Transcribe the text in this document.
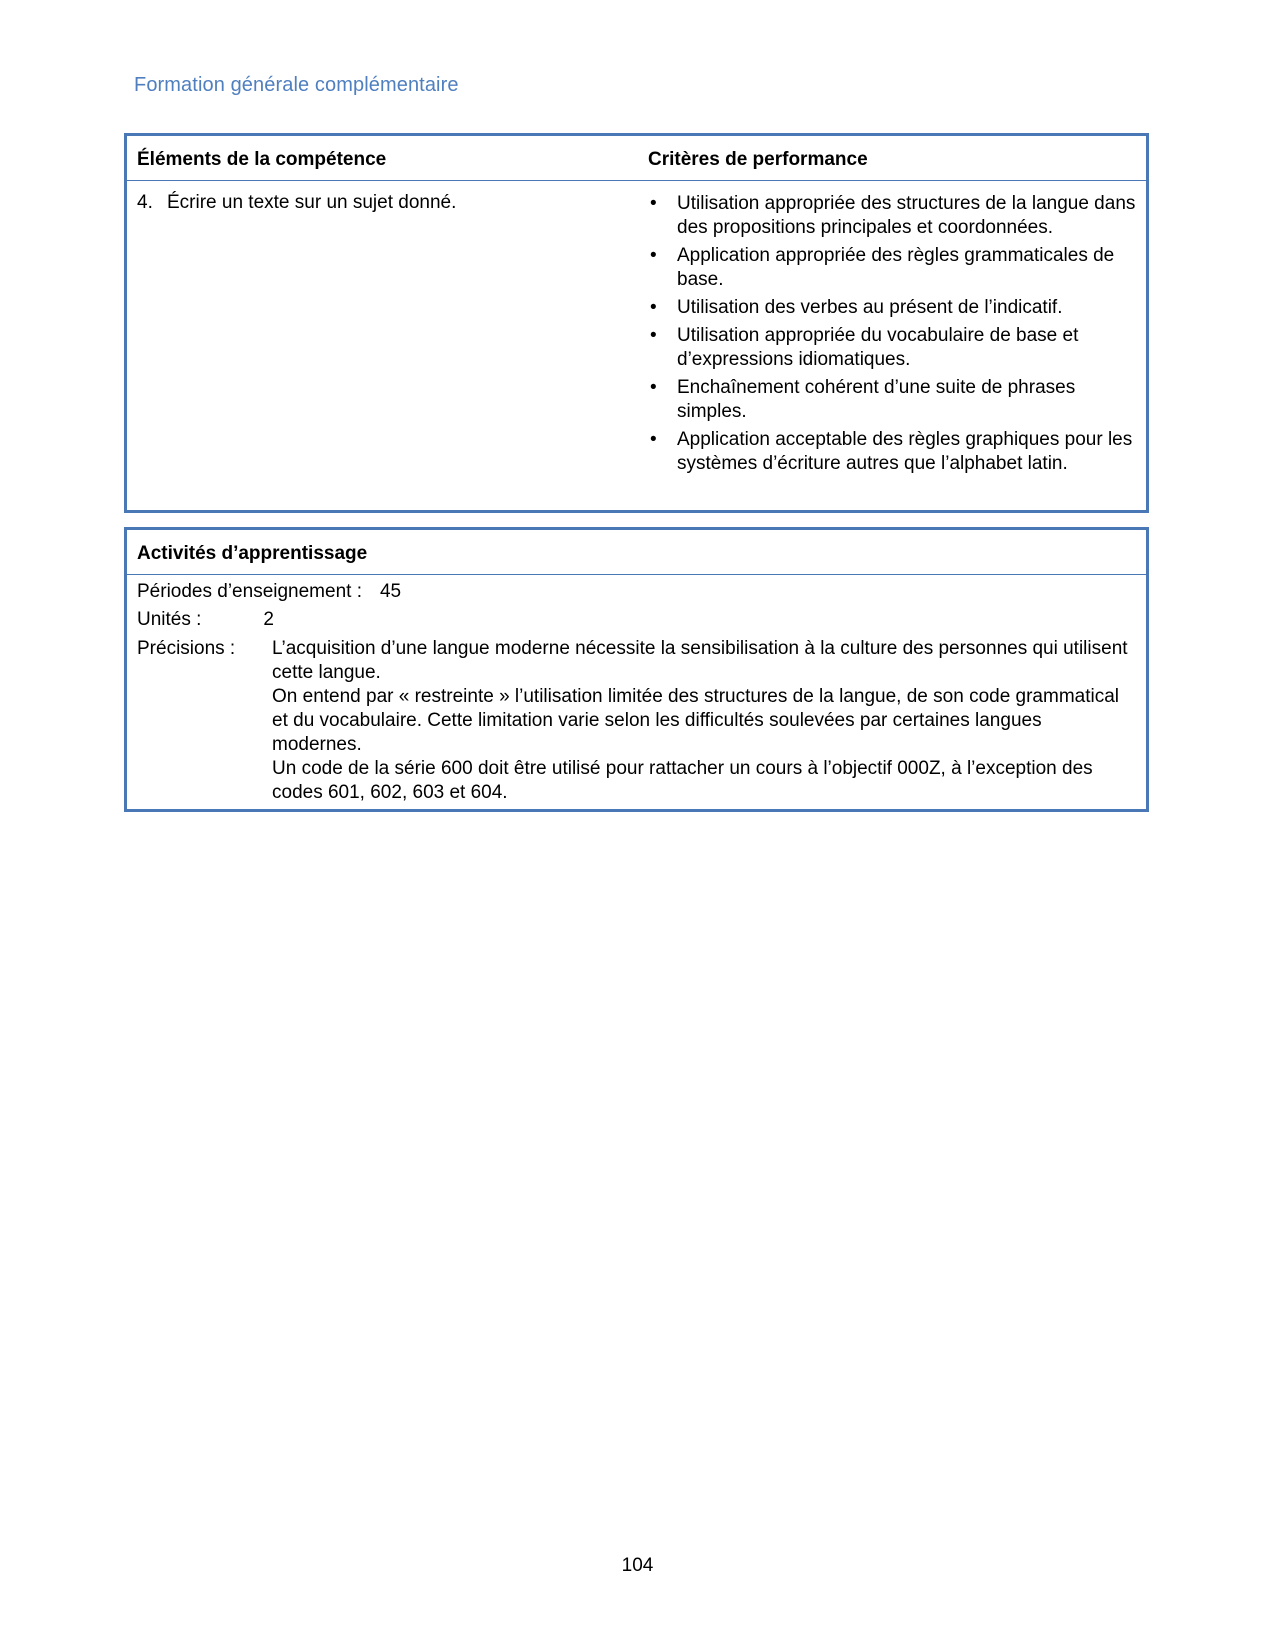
Formation générale complémentaire
Éléments de la compétence	Critères de performance
4. Écrire un texte sur un sujet donné.	• Utilisation appropriée des structures de la langue dans des propositions principales et coordonnées.
• Application appropriée des règles grammaticales de base.
• Utilisation des verbes au présent de l’indicatif.
• Utilisation appropriée du vocabulaire de base et d’expressions idiomatiques.
• Enchaînement cohérent d’une suite de phrases simples.
• Application acceptable des règles graphiques pour les systèmes d’écriture autres que l’alphabet latin.
Activités d’apprentissage
Périodes d’enseignement : 45
Unités :	2
Précisions : L’acquisition d’une langue moderne nécessite la sensibilisation à la culture des personnes qui utilisent cette langue.

On entend par « restreinte » l’utilisation limitée des structures de la langue, de son code grammatical et du vocabulaire. Cette limitation varie selon les difficultés soulevées par certaines langues modernes.

Un code de la série 600 doit être utilisé pour rattacher un cours à l’objectif 000Z, à l’exception des codes 601, 602, 603 et 604.

104
